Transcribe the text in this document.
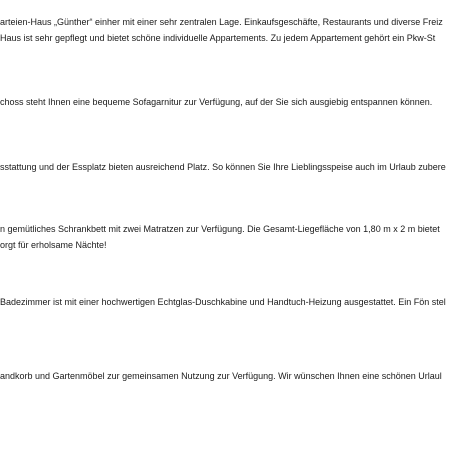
arteien-Haus „Günther“ einher mit einer sehr zentralen Lage. Einkaufsgeschäfte, Restaurants und diverse Freiz
Haus ist sehr gepflegt und bietet schöne individuelle Appartements. Zu jedem Appartement gehört ein Pkw-St
choss steht Ihnen eine bequeme Sofagarnitur zur Verfügung, auf der Sie sich ausgiebig entspannen können.
sstattung und der Essplatz bieten ausreichend Platz. So können Sie Ihre Lieblingsspeise auch im Urlaub zubere
n gemütliches Schrankbett mit zwei Matratzen zur Verfügung. Die Gesamt-Liegefläche von 1,80 m x 2 m bietet
orgt für erholsame Nächte!
Badezimmer ist mit einer hochwertigen Echtglas-Duschkabine und Handtuch-Heizung ausgestattet. Ein Fön stel
andkorb und Gartenmöbel zur gemeinsamen Nutzung zur Verfügung. Wir wünschen Ihnen eine schönen Urlaul
